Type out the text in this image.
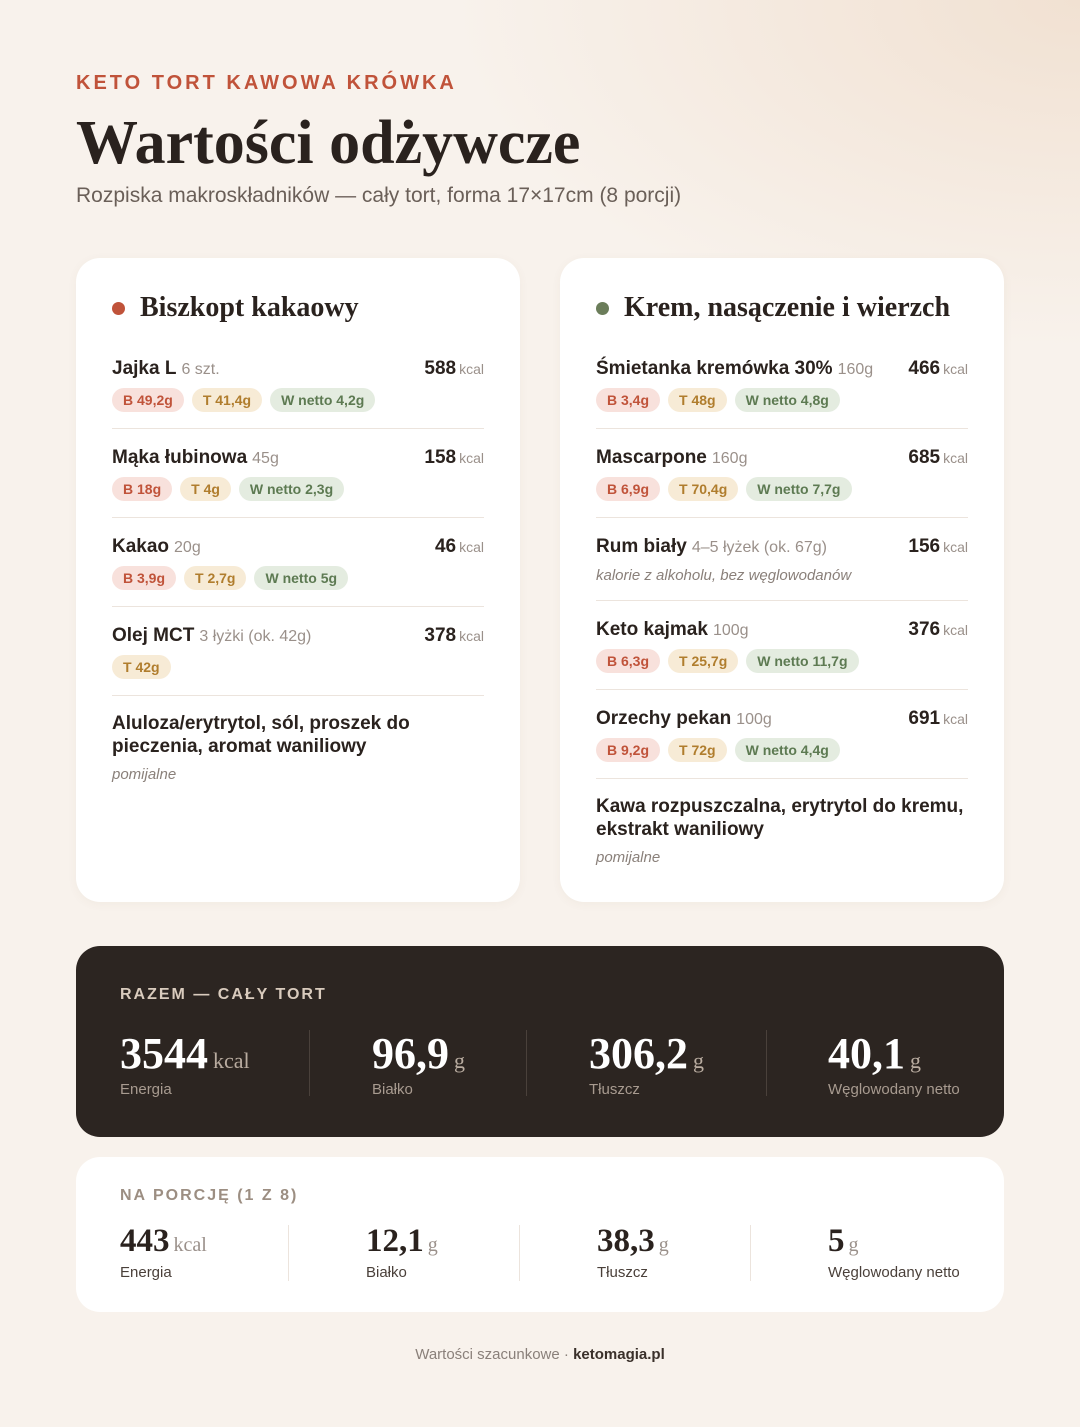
KETO TORT KAWOWA KRÓWKA
Wartości odżywcze
Rozpiska makroskładników — cały tort, forma 17×17cm (8 porcji)
Biszkopt kakaowy
Jajka L 6 szt.	588 kcal
B 49,2g	T 41,4g	W netto 4,2g
Mąka łubinowa 45g	158 kcal
B 18g	T 4g	W netto 2,3g
Kakao 20g	46 kcal
B 3,9g	T 2,7g	W netto 5g
Olej MCT 3 łyżki (ok. 42g)	378 kcal
T 42g
Aluloza/erytrytol, sól, proszek do pieczenia, aromat waniliowy
pomijalne
Krem, nasączenie i wierzch
Śmietanka kremówka 30% 160g 466 kcal
B 3,4g	T 48g	W netto 4,8g
Mascarpone 160g	685 kcal
B 6,9g	T 70,4g	W netto 7,7g
Rum biały 4–5 łyżek (ok. 67g)	156 kcal
kalorie z alkoholu, bez węglowodanów
Keto kajmak 100g	376 kcal
B 6,3g	T 25,7g	W netto 11,7g
Orzechy pekan 100g	691 kcal
B 9,2g	T 72g	W netto 4,4g
Kawa rozpuszczalna, erytrytol do kremu, ekstrakt waniliowy
pomijalne
RAZEM — CAŁY TORT
3544 kcal
Energia
96,9 g
Białko
306,2 g
Tłuszcz
40,1 g
Węglowodany netto
NA PORCJĘ (1 Z 8)
443 kcal
Energia
12,1 g
Białko
38,3 g
Tłuszcz
5 g
Węglowodany netto
Wartości szacunkowe · ketomagia.pl
